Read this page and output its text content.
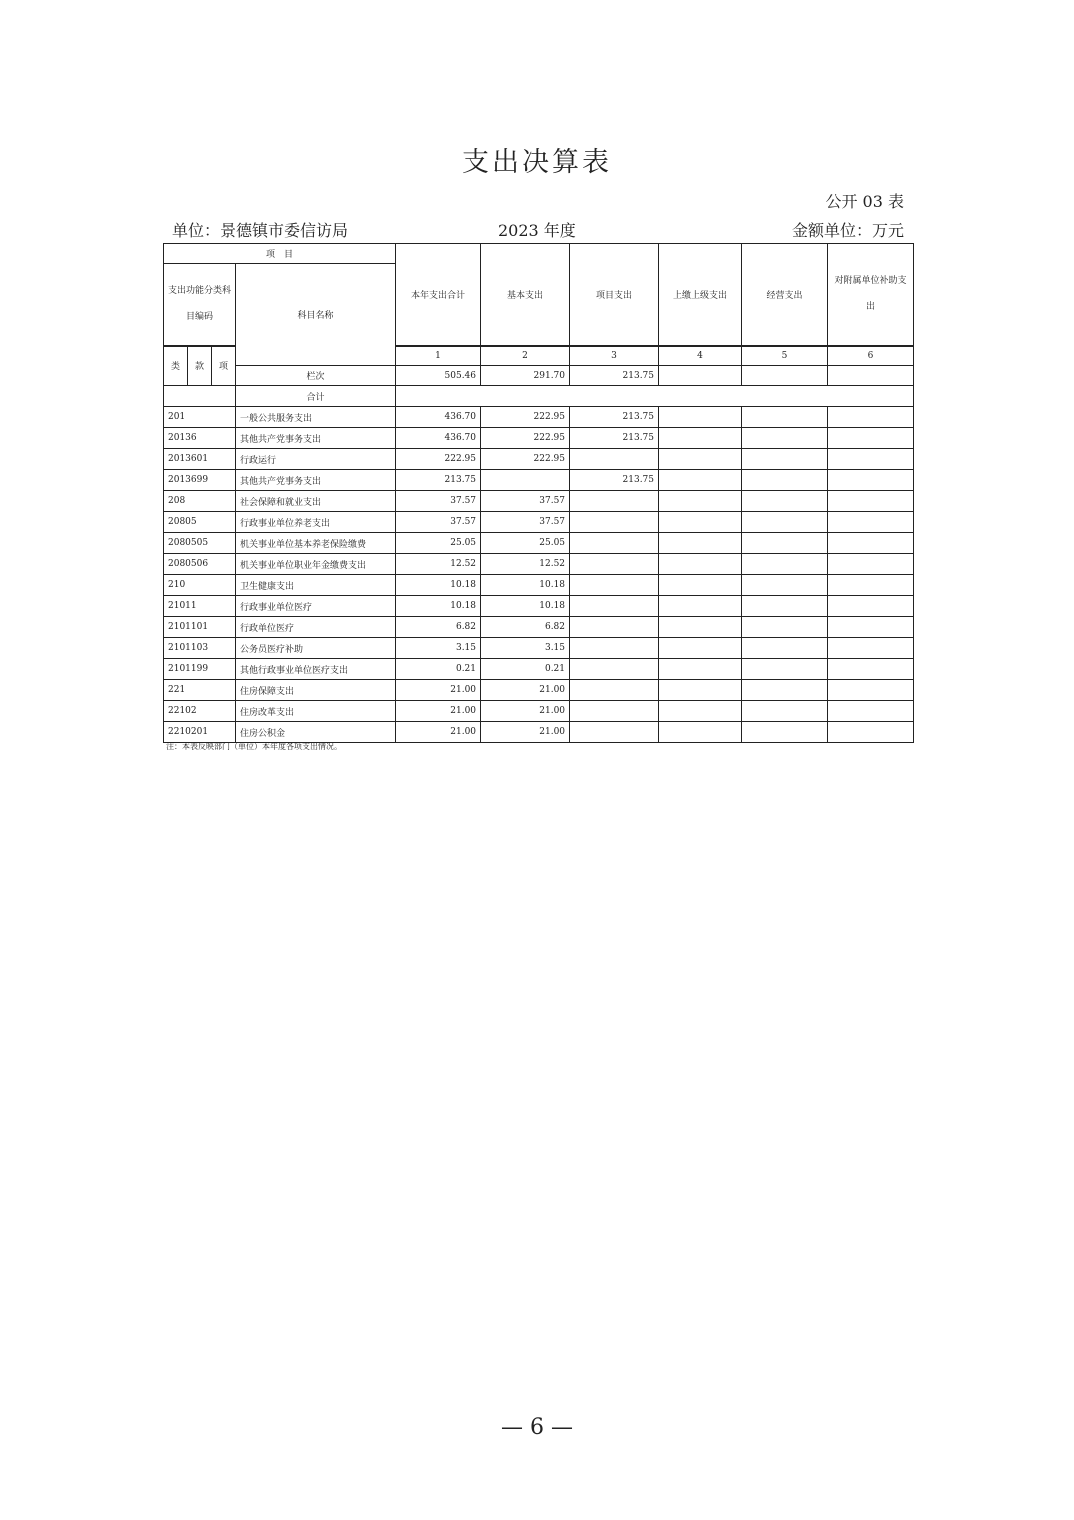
支出决算表
公开 03 表
单位：景德镇市委信访局	2023 年度	金额单位：万元
项　目				本年支出合计	基本支出	项目支出	上缴上级支出	经营支出	对附属单位补助支出
支出功能分类科目编码			科目名称						
类	款	项		1	2	3	4	5	6
			栏次	505.46	291.70	213.75			
			合计						
201			一般公共服务支出	436.70	222.95	213.75			
20136			其他共产党事务支出	436.70	222.95	213.75			
2013601			行政运行	222.95	222.95				
2013699			其他共产党事务支出	213.75		213.75			
208			社会保障和就业支出	37.57	37.57				
20805			行政事业单位养老支出	37.57	37.57				
2080505			机关事业单位基本养老保险缴费	25.05	25.05				
2080506			机关事业单位职业年金缴费支出	12.52	12.52				
210			卫生健康支出	10.18	10.18				
21011			行政事业单位医疗	10.18	10.18				
2101101			行政单位医疗	6.82	6.82				
2101103			公务员医疗补助	3.15	3.15				
2101199			其他行政事业单位医疗支出	0.21	0.21				
221			住房保障支出	21.00	21.00				
22102			住房改革支出	21.00	21.00				
2210201			住房公积金	21.00	21.00				
注：本表反映部门（单位）本年度各项支出情况。
— 6 —
